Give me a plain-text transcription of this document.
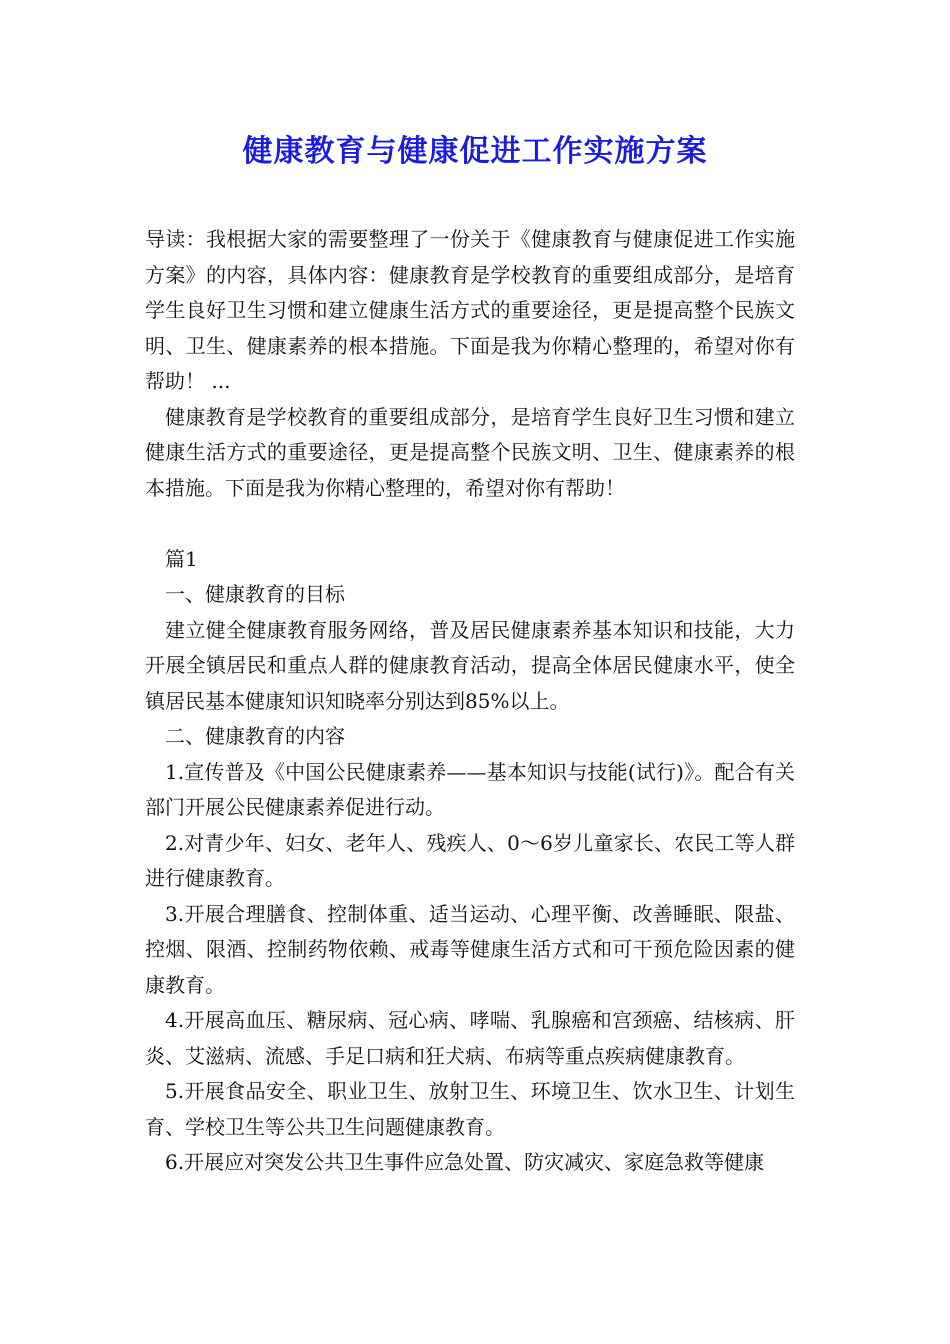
健康教育与健康促进工作实施方案

导读：我根据大家的需要整理了一份关于《健康教育与健康促进工作实施方案》的内容，具体内容：健康教育是学校教育的重要组成部分，是培育学生良好卫生习惯和建立健康生活方式的重要途径，更是提高整个民族文明、卫生、健康素养的根本措施。下面是我为你精心整理的，希望对你有帮助！ ...

健康教育是学校教育的重要组成部分，是培育学生良好卫生习惯和建立健康生活方式的重要途径，更是提高整个民族文明、卫生、健康素养的根本措施。下面是我为你精心整理的，希望对你有帮助！

篇1

一、健康教育的目标

建立健全健康教育服务网络，普及居民健康素养基本知识和技能，大力开展全镇居民和重点人群的健康教育活动，提高全体居民健康水平，使全镇居民基本健康知识知晓率分别达到85%以上。

二、健康教育的内容

1.宣传普及《中国公民健康素养——基本知识与技能(试行)》。配合有关部门开展公民健康素养促进行动。

2.对青少年、妇女、老年人、残疾人、0～6岁儿童家长、农民工等人群进行健康教育。

3.开展合理膳食、控制体重、适当运动、心理平衡、改善睡眠、限盐、控烟、限酒、控制药物依赖、戒毒等健康生活方式和可干预危险因素的健康教育。

4.开展高血压、糖尿病、冠心病、哮喘、乳腺癌和宫颈癌、结核病、肝炎、艾滋病、流感、手足口病和狂犬病、布病等重点疾病健康教育。

5.开展食品安全、职业卫生、放射卫生、环境卫生、饮水卫生、计划生育、学校卫生等公共卫生问题健康教育。

6.开展应对突发公共卫生事件应急处置、防灾减灾、家庭急救等健康
